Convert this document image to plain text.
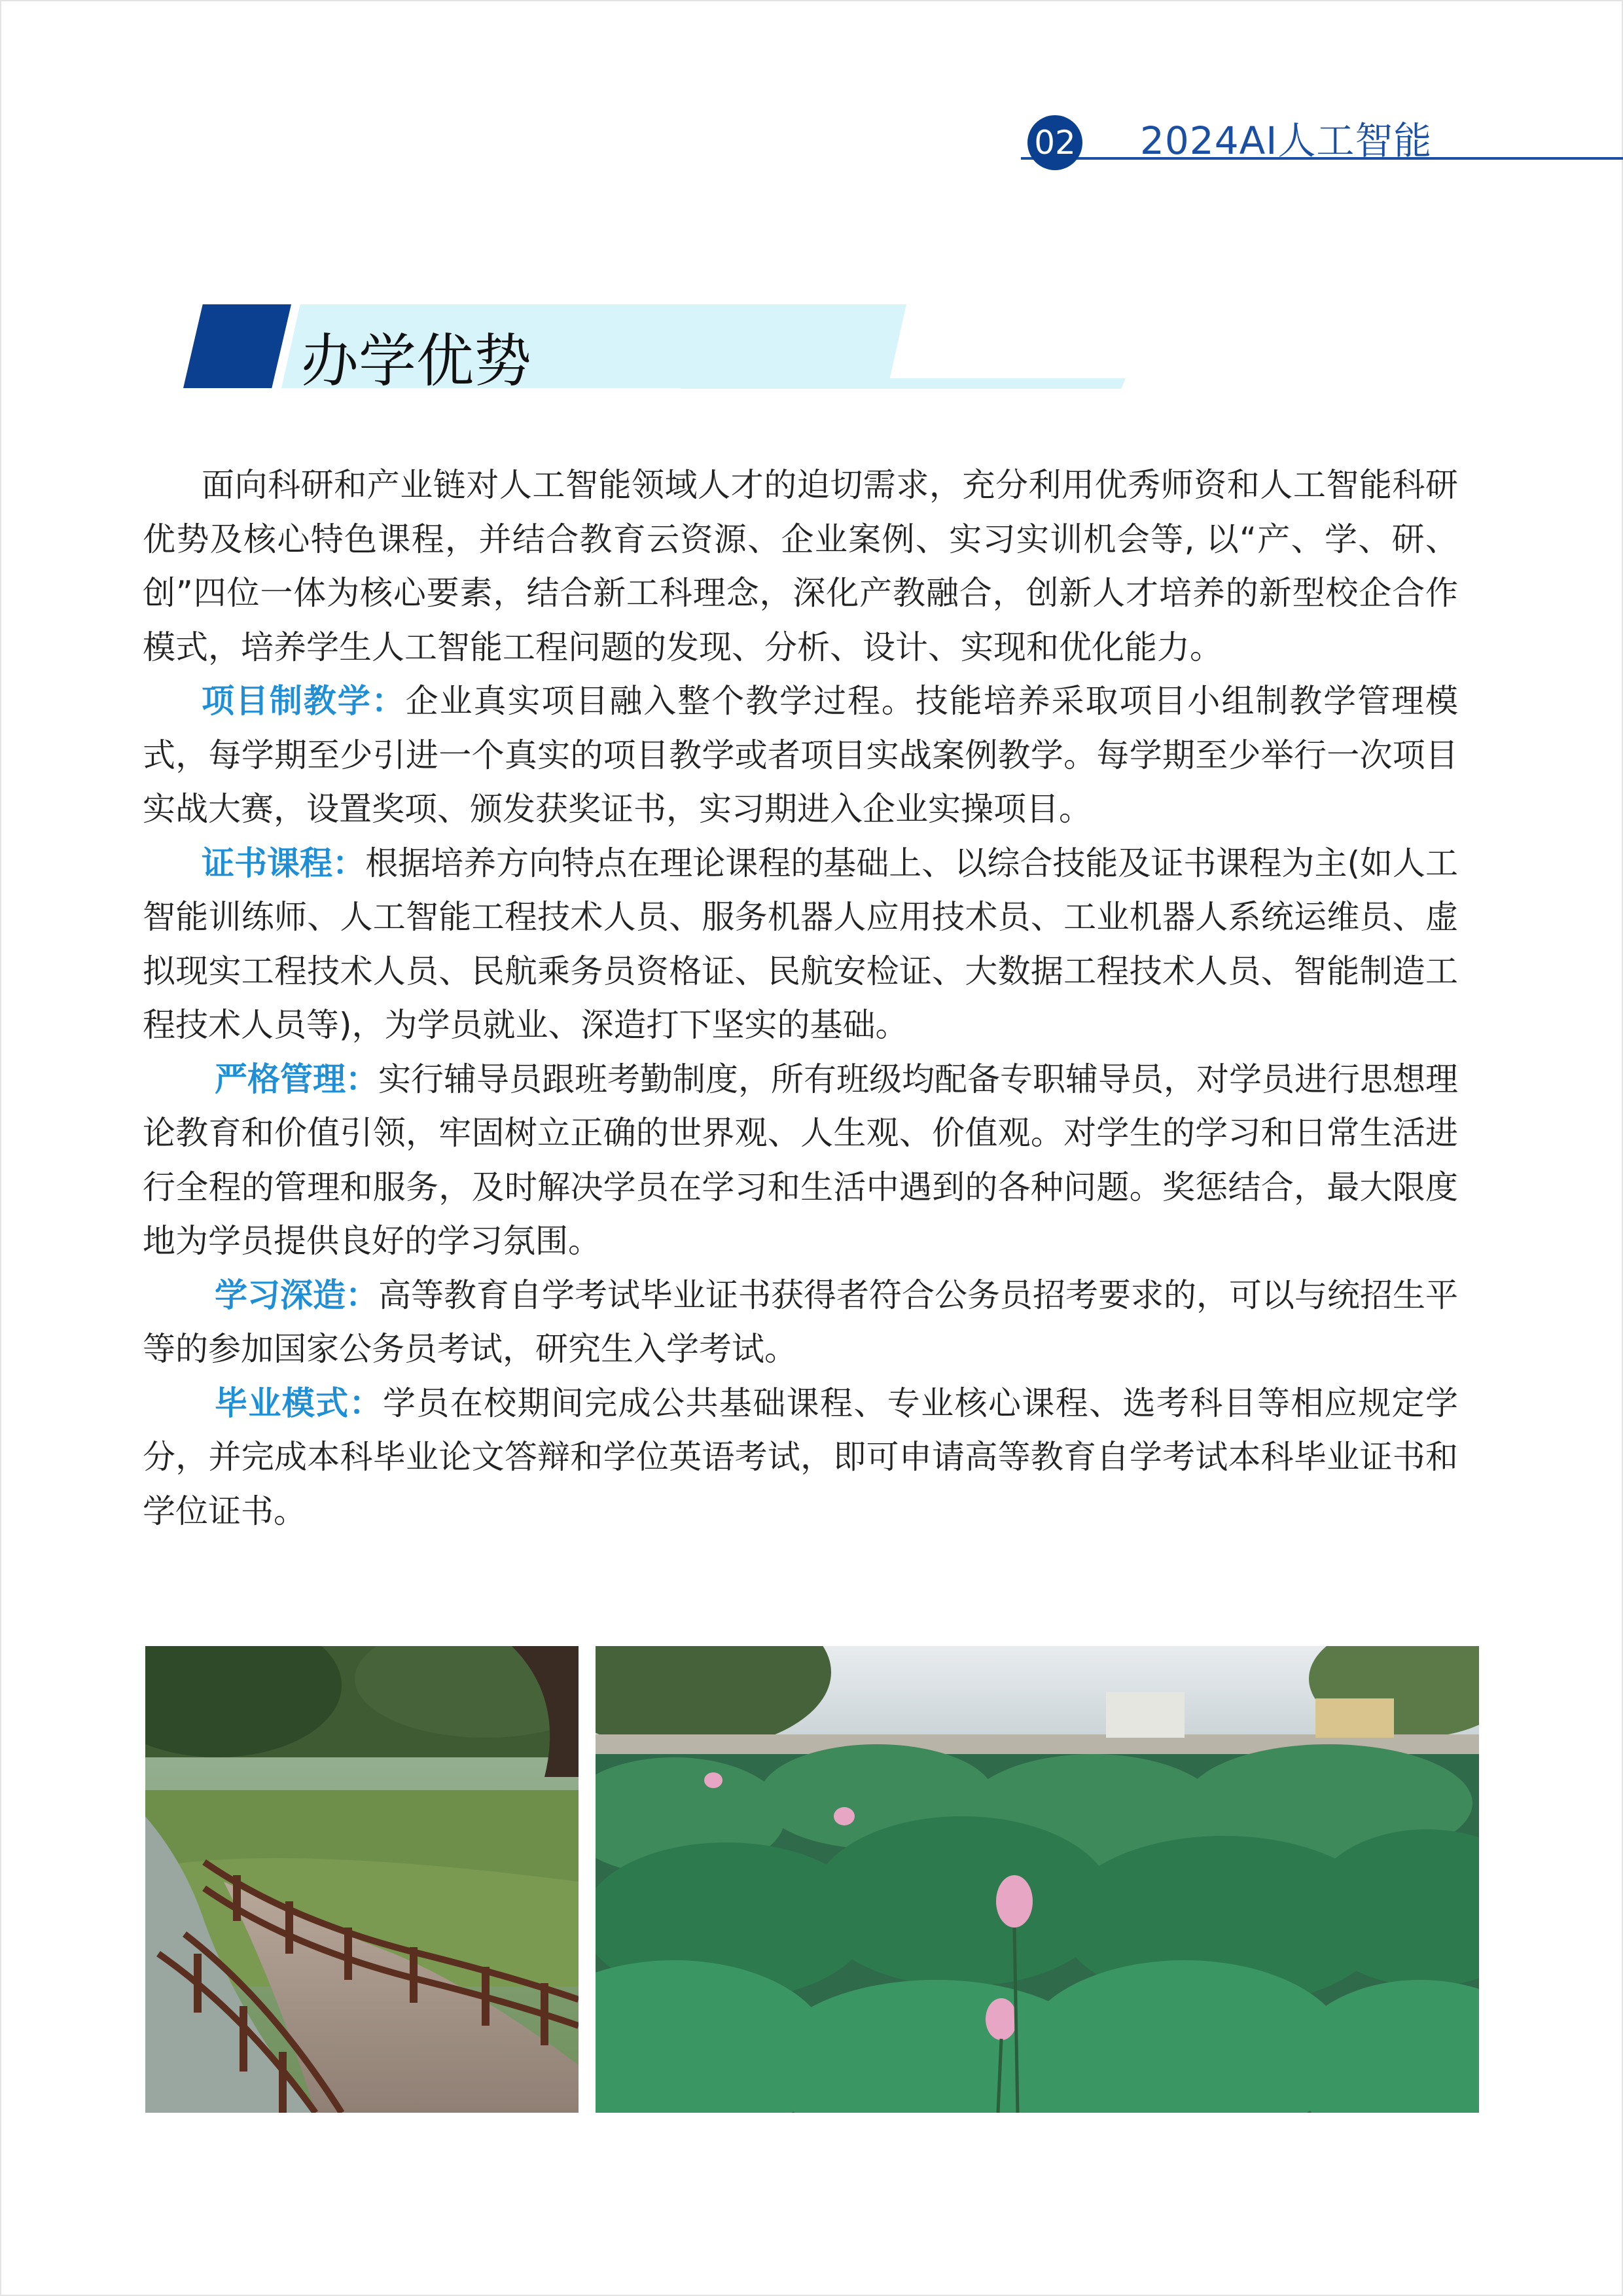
02 2024AI人工智能
办学优势

面向科研和产业链对人工智能领域人才的迫切需求，充分利用优秀师资和人工智能科研优势及核心特色课程，并结合教育云资源、企业案例、实习实训机会等, 以“产、学、研、创”四位一体为核心要素，结合新工科理念，深化产教融合，创新人才培养的新型校企合作模式，培养学生人工智能工程问题的发现、分析、设计、实现和优化能力。

项目制教学：企业真实项目融入整个教学过程。技能培养采取项目小组制教学管理模式，每学期至少引进一个真实的项目教学或者项目实战案例教学。每学期至少举行一次项目实战大赛，设置奖项、颁发获奖证书，实习期进入企业实操项目。

证书课程：根据培养方向特点在理论课程的基础上、以综合技能及证书课程为主(如人工智能训练师、人工智能工程技术人员、服务机器人应用技术员、工业机器人系统运维员、虚拟现实工程技术人员、民航乘务员资格证、民航安检证、大数据工程技术人员、智能制造工程技术人员等)，为学员就业、深造打下坚实的基础。

严格管理：实行辅导员跟班考勤制度，所有班级均配备专职辅导员，对学员进行思想理论教育和价值引领，牢固树立正确的世界观、人生观、价值观。对学生的学习和日常生活进行全程的管理和服务，及时解决学员在学习和生活中遇到的各种问题。奖惩结合，最大限度地为学员提供良好的学习氛围。

学习深造：高等教育自学考试毕业证书获得者符合公务员招考要求的，可以与统招生平等的参加国家公务员考试，研究生入学考试。

毕业模式：学员在校期间完成公共基础课程、专业核心课程、选考科目等相应规定学分，并完成本科毕业论文答辩和学位英语考试，即可申请高等教育自学考试本科毕业证书和学位证书。
